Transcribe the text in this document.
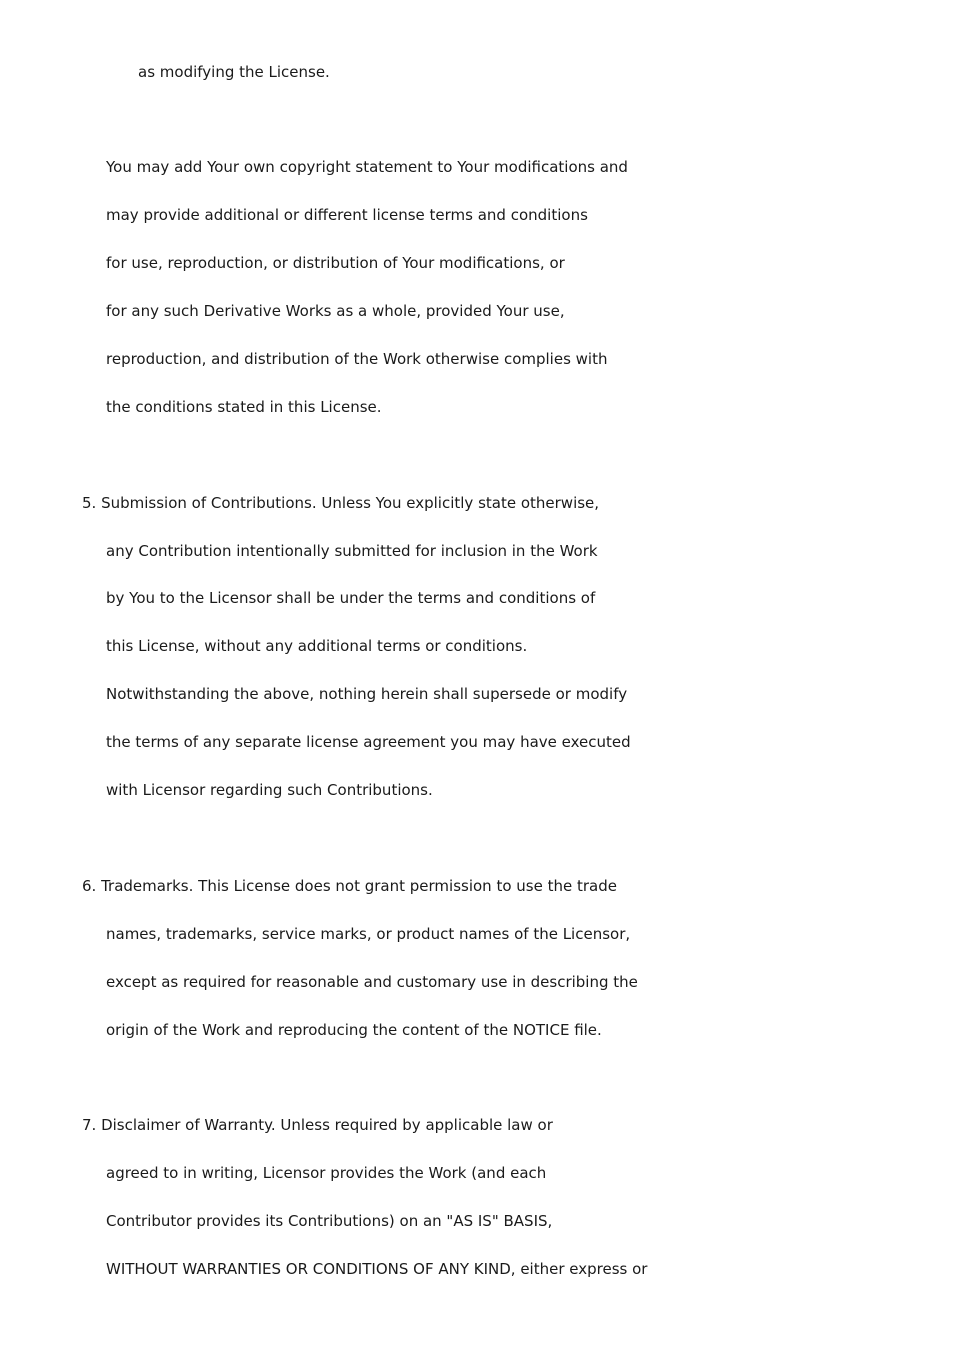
as modifying the License.
You may add Your own copyright statement to Your modifications and
may provide additional or different license terms and conditions
for use, reproduction, or distribution of Your modifications, or
for any such Derivative Works as a whole, provided Your use,
reproduction, and distribution of the Work otherwise complies with
the conditions stated in this License.
5. Submission of Contributions. Unless You explicitly state otherwise,
any Contribution intentionally submitted for inclusion in the Work
by You to the Licensor shall be under the terms and conditions of
this License, without any additional terms or conditions.
Notwithstanding the above, nothing herein shall supersede or modify
the terms of any separate license agreement you may have executed
with Licensor regarding such Contributions.
6. Trademarks. This License does not grant permission to use the trade
names, trademarks, service marks, or product names of the Licensor,
except as required for reasonable and customary use in describing the
origin of the Work and reproducing the content of the NOTICE file.
7. Disclaimer of Warranty. Unless required by applicable law or
agreed to in writing, Licensor provides the Work (and each
Contributor provides its Contributions) on an "AS IS" BASIS,
WITHOUT WARRANTIES OR CONDITIONS OF ANY KIND, either express or
